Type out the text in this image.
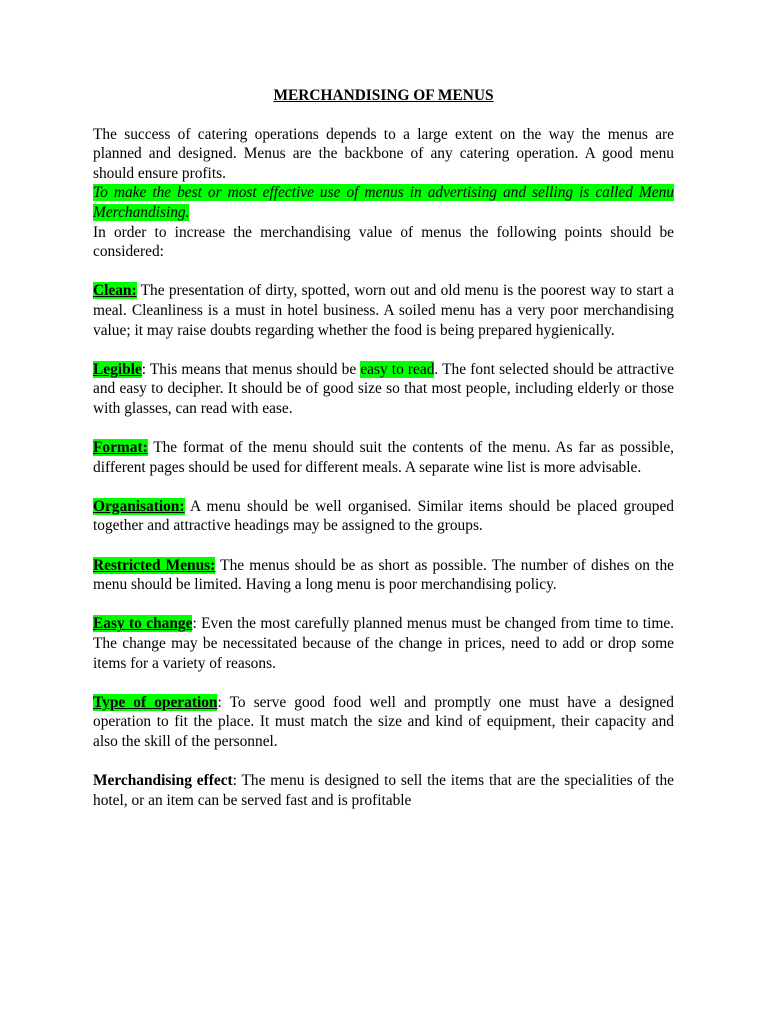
MERCHANDISING OF MENUS

The success of catering operations depends to a large extent on the way the menus are planned and designed. Menus are the backbone of any catering operation. A good menu should ensure profits.
To make the best or most effective use of menus in advertising and selling is called Menu Merchandising.
In order to increase the merchandising value of menus the following points should be considered:

Clean: The presentation of dirty, spotted, worn out and old menu is the poorest way to start a meal. Cleanliness is a must in hotel business. A soiled menu has a very poor merchandising value; it may raise doubts regarding whether the food is being prepared hygienically.

Legible: This means that menus should be easy to read. The font selected should be attractive and easy to decipher. It should be of good size so that most people, including elderly or those with glasses, can read with ease.

Format: The format of the menu should suit the contents of the menu. As far as possible, different pages should be used for different meals. A separate wine list is more advisable.

Organisation: A menu should be well organised. Similar items should be placed grouped together and attractive headings may be assigned to the groups.

Restricted Menus: The menus should be as short as possible. The number of dishes on the menu should be limited. Having a long menu is poor merchandising policy.

Easy to change: Even the most carefully planned menus must be changed from time to time. The change may be necessitated because of the change in prices, need to add or drop some items for a variety of reasons.

Type of operation: To serve good food well and promptly one must have a designed operation to fit the place. It must match the size and kind of equipment, their capacity and also the skill of the personnel.

Merchandising effect: The menu is designed to sell the items that are the specialities of the hotel, or an item can be served fast and is profitable
